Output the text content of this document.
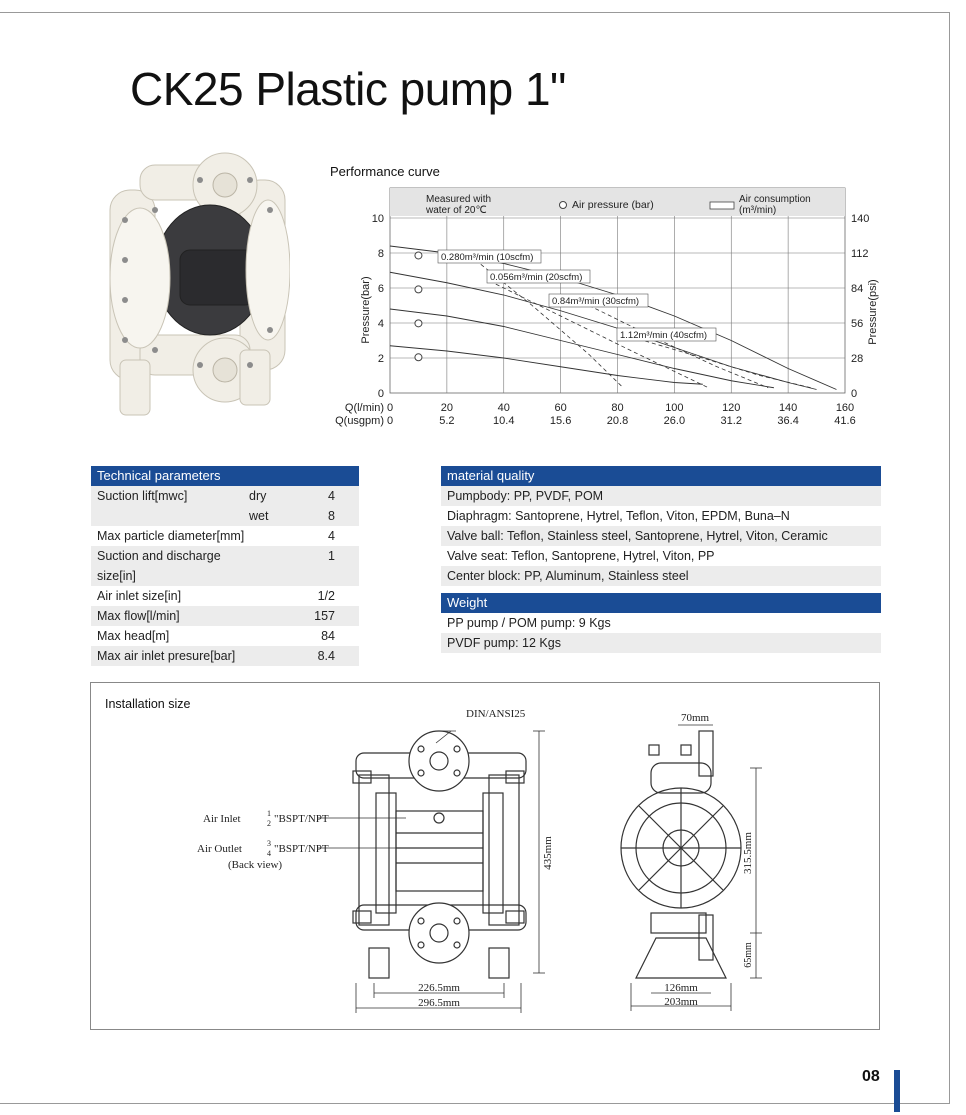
CK25 Plastic pump 1"
Performance curve
Measured with
water of 20℃	Air pressure (bar)	Air consumption
(m³/min)
0
0
20
5.2
40
10.4
60
15.6
80
20.8
100
26.0
120
31.2
140
36.4
160
41.6
0	0
2	28
4	56
6	84
8	112
10	140
0.280m³/min (10scfm)
0.056m³/min (20scfm)
0.84m³/min (30scfm)
1.12m³/min (40scfm)
Pressure(bar)	Pressure(psi)
Q(l/min)
Q(usgpm)
Technical parameters
Suction lift[mwc]	dry	4
wet	8
Max particle diameter[mm]	4
Suction and discharge	1
size[in]
Air inlet size[in]	1/2
Max flow[l/min]	157
Max head[m]	84
Max air inlet presure[bar]	8.4
material quality
Pumpbody: PP, PVDF, POM
Diaphragm: Santoprene, Hytrel, Teflon, Viton, EPDM, Buna–N
Valve ball: Teflon, Stainless steel, Santoprene, Hytrel, Viton, Ceramic
Valve seat: Teflon, Santoprene, Hytrel, Viton, PP
Center block: PP, Aluminum, Stainless steel
Weight
PP pump / POM pump: 9 Kgs
PVDF pump: 12 Kgs
Installation size
DIN/ANSI25
Air Inlet	1
2 "BSPT/NPT
Air Outlet	3
4 "BSPT/NPT
(Back view)	435mm
226.5mm
296.5mm
70mm
315.5mm
65mm
126mm
203mm
08
